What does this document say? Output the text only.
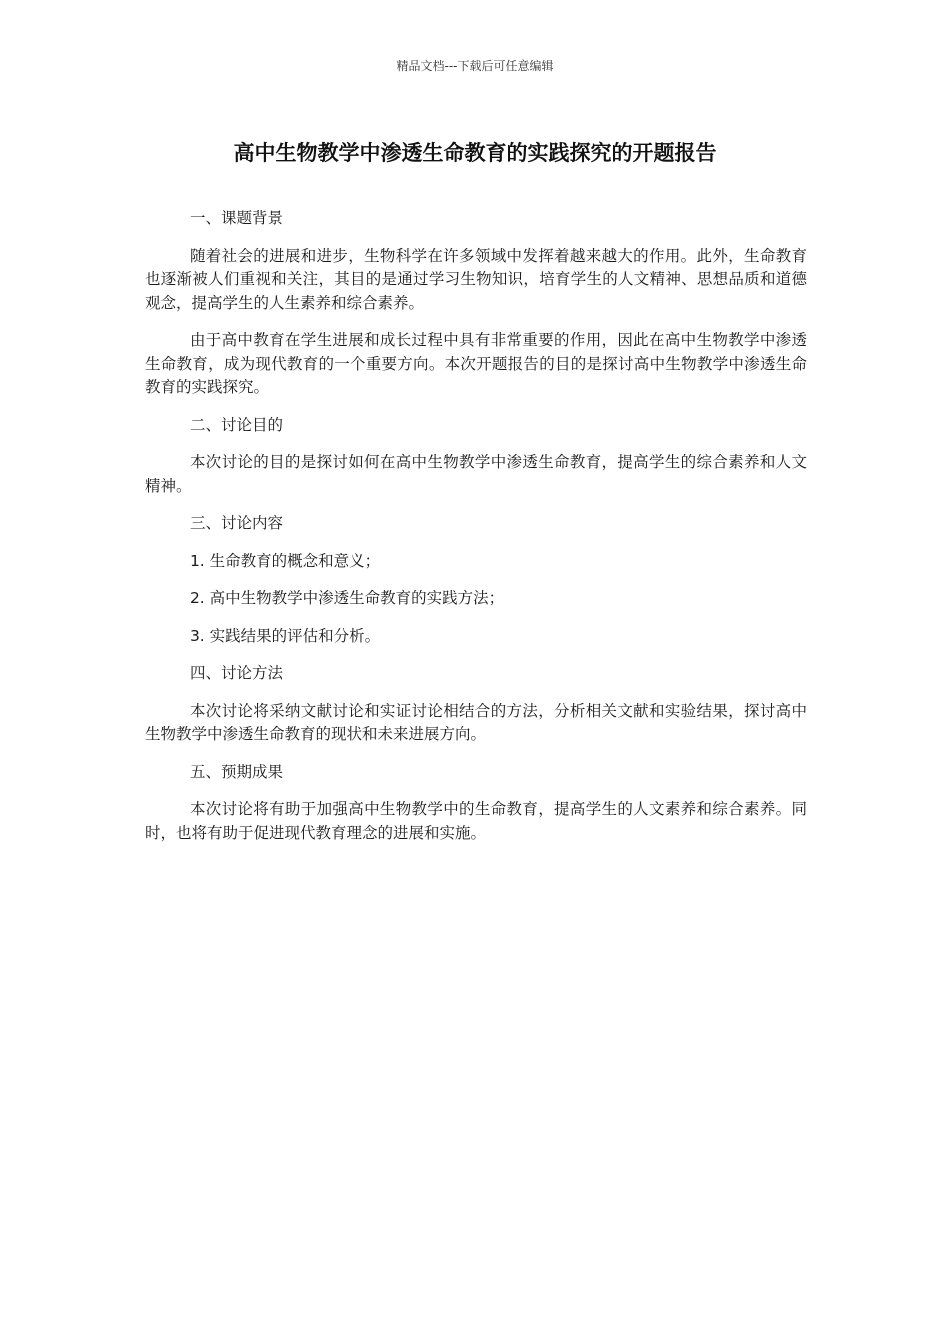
精品文档---下载后可任意编辑
高中生物教学中渗透生命教育的实践探究的开题报告

一、课题背景

随着社会的进展和进步，生物科学在许多领域中发挥着越来越大的作用。此外，生命教育也逐渐被人们重视和关注，其目的是通过学习生物知识，培育学生的人文精神、思想品质和道德观念，提高学生的人生素养和综合素养。

由于高中教育在学生进展和成长过程中具有非常重要的作用，因此在高中生物教学中渗透生命教育，成为现代教育的一个重要方向。本次开题报告的目的是探讨高中生物教学中渗透生命教育的实践探究。

二、讨论目的

本次讨论的目的是探讨如何在高中生物教学中渗透生命教育，提高学生的综合素养和人文精神。

三、讨论内容

1. 生命教育的概念和意义；

2. 高中生物教学中渗透生命教育的实践方法；

3. 实践结果的评估和分析。

四、讨论方法

本次讨论将采纳文献讨论和实证讨论相结合的方法，分析相关文献和实验结果，探讨高中生物教学中渗透生命教育的现状和未来进展方向。

五、预期成果

本次讨论将有助于加强高中生物教学中的生命教育，提高学生的人文素养和综合素养。同时，也将有助于促进现代教育理念的进展和实施。
